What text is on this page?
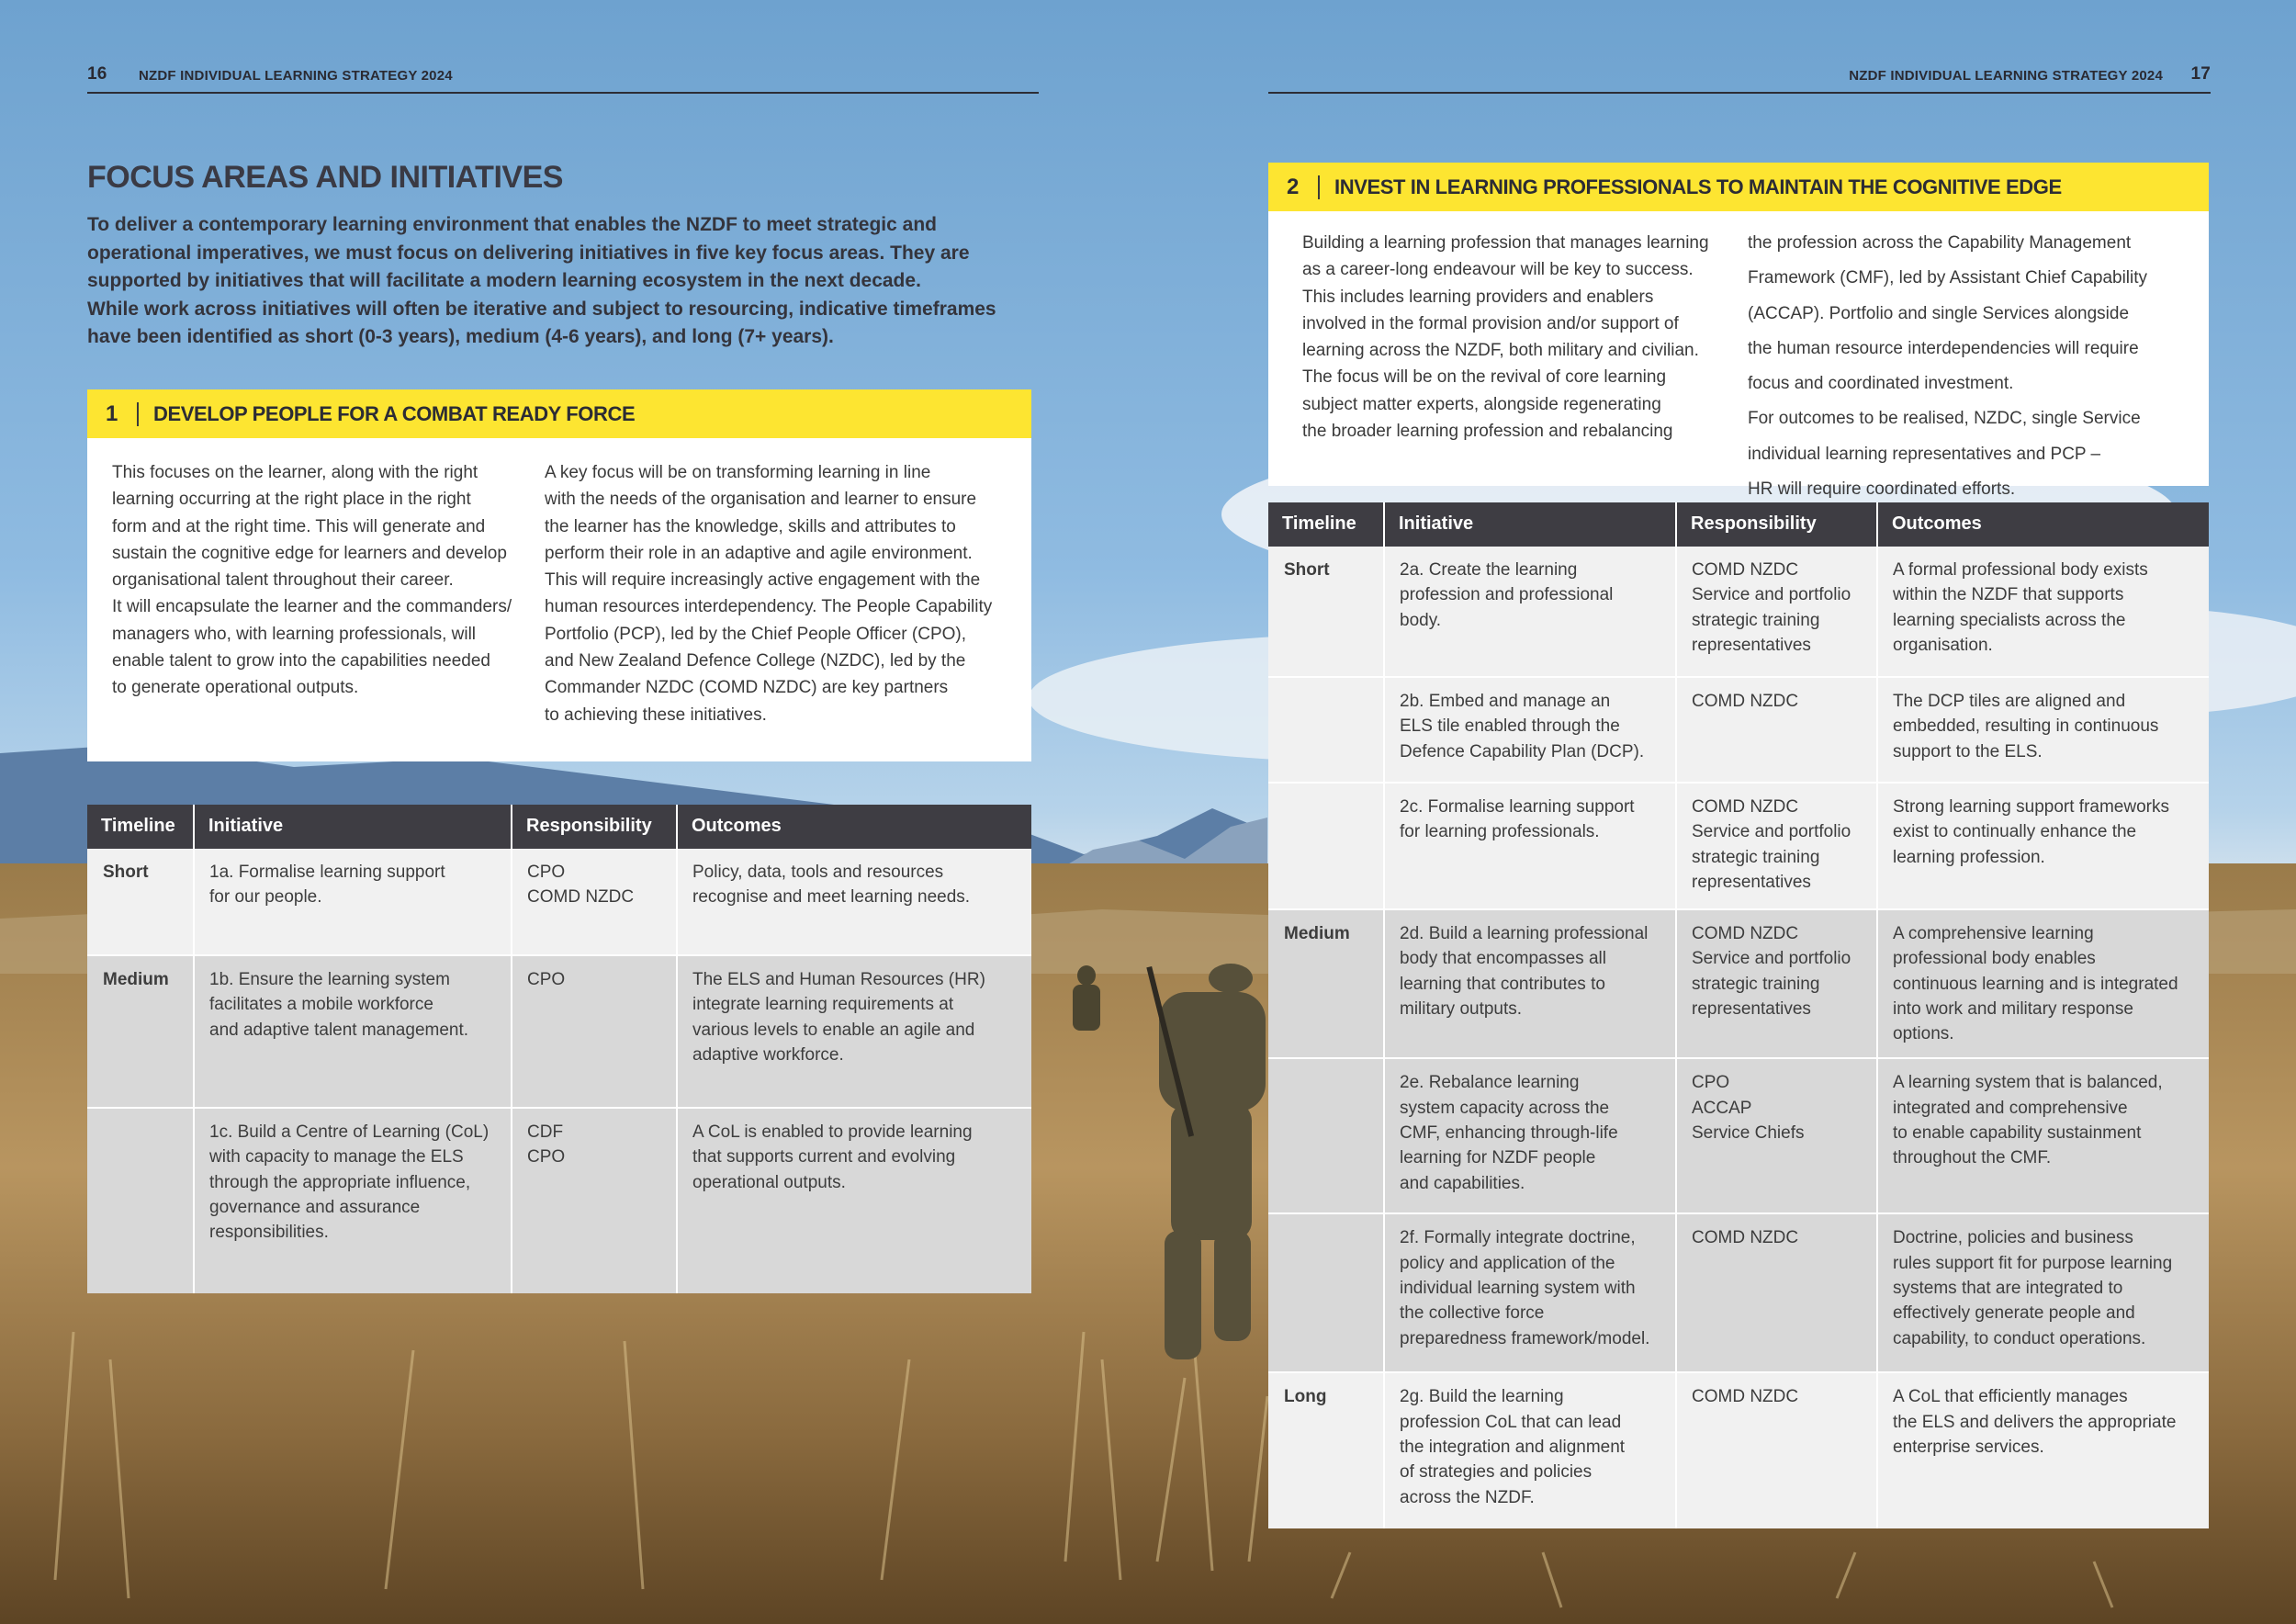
16 NZDF INDIVIDUAL LEARNING STRATEGY 2024	NZDF INDIVIDUAL LEARNING STRATEGY 2024 17
FOCUS AREAS AND INITIATIVES

To deliver a contemporary learning environment that enables the NZDF to meet strategic and

operational imperatives, we must focus on delivering initiatives in five key focus areas. They are

supported by initiatives that will facilitate a modern learning ecosystem in the next decade.

While work across initiatives will often be iterative and subject to resourcing, indicative timeframes

have been identified as short (0-3 years), medium (4-6 years), and long (7+ years).

1	DEVELOP PEOPLE FOR A COMBAT READY FORCE

This focuses on the learner, along with the right

learning occurring at the right place in the right

form and at the right time. This will generate and

sustain the cognitive edge for learners and develop

organisational talent throughout their career.

It will encapsulate the learner and the commanders/

managers who, with learning professionals, will

enable talent to grow into the capabilities needed

to generate operational outputs.

A key focus will be on transforming learning in line

with the needs of the organisation and learner to ensure

the learner has the knowledge, skills and attributes to

perform their role in an adaptive and agile environment.

This will require increasingly active engagement with the

human resources interdependency. The People Capability

Portfolio (PCP), led by the Chief People Officer (CPO),

and New Zealand Defence College (NZDC), led by the

Commander NZDC (COMD NZDC) are key partners

to achieving these initiatives.

Timeline	Initiative	Responsibility	Outcomes
Short	1a. Formalise learning support
for our people.	CPO
COMD NZDC	Policy, data, tools and resources
recognise and meet learning needs.

Medium	1b. Ensure the learning system
facilitates a mobile workforce
and adaptive talent management.	CPO	The ELS and Human Resources (HR)
integrate learning requirements at
various levels to enable an agile and
adaptive workforce.

	1c. Build a Centre of Learning (CoL)
with capacity to manage the ELS
through the appropriate influence,
governance and assurance
responsibilities.	CDF
CPO	A CoL is enabled to provide learning
that supports current and evolving
operational outputs.
2	INVEST IN LEARNING PROFESSIONALS TO MAINTAIN THE COGNITIVE EDGE

Building a learning profession that manages learning

as a career-long endeavour will be key to success.

This includes learning providers and enablers

involved in the formal provision and/or support of

learning across the NZDF, both military and civilian.

The focus will be on the revival of core learning

subject matter experts, alongside regenerating

the broader learning profession and rebalancing

the profession across the Capability Management

Framework (CMF), led by Assistant Chief Capability

(ACCAP). Portfolio and single Services alongside

the human resource interdependencies will require

focus and coordinated investment.

For outcomes to be realised, NZDC, single Service

individual learning representatives and PCP –

HR will require coordinated efforts.

Timeline	Initiative	Responsibility	Outcomes
Short	2a. Create the learning
profession and professional
body.	COMD NZDC
Service and portfolio
strategic training
representatives	A formal professional body exists
within the NZDF that supports
learning specialists across the
organisation.

	2b. Embed and manage an
ELS tile enabled through the
Defence Capability Plan (DCP).	COMD NZDC	The DCP tiles are aligned and
embedded, resulting in continuous
support to the ELS.

	2c. Formalise learning support
for learning professionals.	COMD NZDC
Service and portfolio
strategic training
representatives	Strong learning support frameworks
exist to continually enhance the
learning profession.

Medium	2d. Build a learning professional
body that encompasses all
learning that contributes to
military outputs.	COMD NZDC
Service and portfolio
strategic training
representatives	A comprehensive learning
professional body enables
continuous learning and is integrated
into work and military response
options.

	2e. Rebalance learning
system capacity across the
CMF, enhancing through-life
learning for NZDF people
and capabilities.	CPO
ACCAP
Service Chiefs	A learning system that is balanced,
integrated and comprehensive
to enable capability sustainment
throughout the CMF.

	2f. Formally integrate doctrine,
policy and application of the
individual learning system with
the collective force
preparedness framework/model.	COMD NZDC	Doctrine, policies and business
rules support fit for purpose learning
systems that are integrated to
effectively generate people and
capability, to conduct operations.

Long	2g. Build the learning
profession CoL that can lead
the integration and alignment
of strategies and policies
across the NZDF.	COMD NZDC	A CoL that efficiently manages
the ELS and delivers the appropriate
enterprise services.
